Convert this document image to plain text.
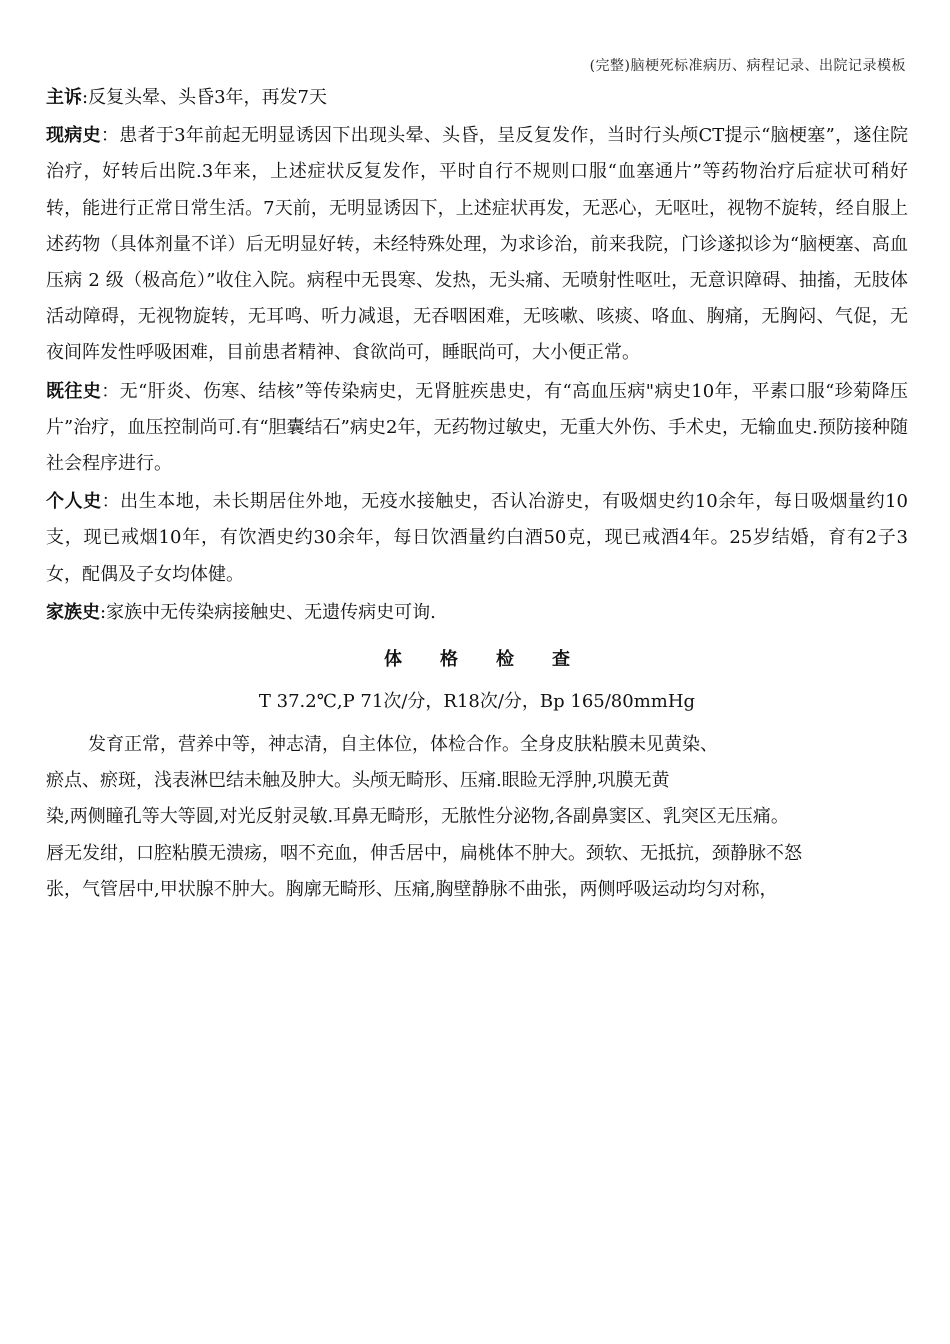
(完整)脑梗死标准病历、病程记录、出院记录模板

主诉:反复头晕、头昏3年，再发7天

现病史：患者于3年前起无明显诱因下出现头晕、头昏，呈反复发作，当时行头颅CT提示“脑梗塞”，遂住院治疗，好转后出院.3年来，上述症状反复发作，平时自行不规则口服“血塞通片”等药物治疗后症状可稍好转，能进行正常日常生活。7天前，无明显诱因下，上述症状再发，无恶心，无呕吐，视物不旋转，经自服上述药物（具体剂量不详）后无明显好转，未经特殊处理，为求诊治，前来我院，门诊遂拟诊为“脑梗塞、高血压病 2 级（极高危）”收住入院。病程中无畏寒、发热，无头痛、无喷射性呕吐，无意识障碍、抽搐，无肢体活动障碍，无视物旋转，无耳鸣、听力减退，无吞咽困难，无咳嗽、咳痰、咯血、胸痛，无胸闷、气促，无夜间阵发性呼吸困难，目前患者精神、食欲尚可，睡眠尚可，大小便正常。

既往史：无“肝炎、伤寒、结核”等传染病史，无肾脏疾患史，有“高血压病"病史10年，平素口服“珍菊降压片”治疗，血压控制尚可.有“胆囊结石”病史2年，无药物过敏史，无重大外伤、手术史，无输血史.预防接种随社会程序进行。

个人史：出生本地，未长期居住外地，无疫水接触史，否认冶游史，有吸烟史约10余年，每日吸烟量约10支，现已戒烟10年，有饮酒史约30余年，每日饮酒量约白酒50克，现已戒酒4年。25岁结婚，育有2子3女，配偶及子女均体健。

家族史:家族中无传染病接触史、无遗传病史可询.

体格检查
T 37.2℃,P 71次/分，R18次/分，Bp 165/80mmHg
发育正常，营养中等，神志清，自主体位，体检合作。全身皮肤粘膜未见黄染、
瘀点、瘀斑，浅表淋巴结未触及肿大。头颅无畸形、压痛.眼睑无浮肿,巩膜无黄
染,两侧瞳孔等大等圆,对光反射灵敏.耳鼻无畸形，无脓性分泌物,各副鼻窦区、乳突区无压痛。
唇无发绀，口腔粘膜无溃疡，咽不充血，伸舌居中，扁桃体不肿大。颈软、无抵抗，颈静脉不怒
张，气管居中,甲状腺不肿大。胸廓无畸形、压痛,胸壁静脉不曲张，两侧呼吸运动均匀对称，
